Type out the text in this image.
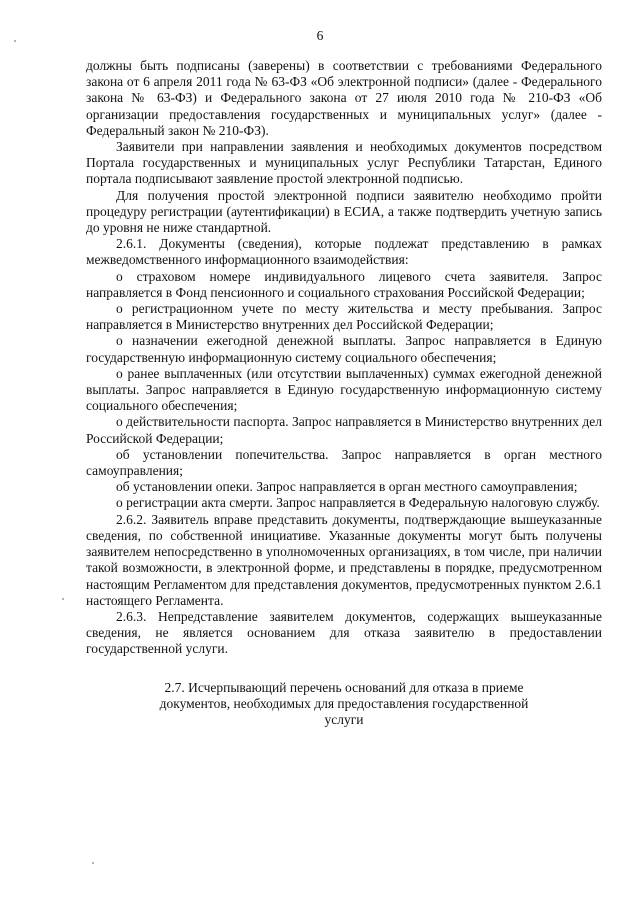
6

должны быть подписаны (заверены) в соответствии с требованиями Федерального закона от 6 апреля 2011 года № 63-ФЗ «Об электронной подписи» (далее - Федерального закона № 63-ФЗ) и Федерального закона от 27 июля 2010 года № 210-ФЗ «Об организации предоставления государственных и муниципальных услуг» (далее - Федеральный закон № 210-ФЗ).

Заявители при направлении заявления и необходимых документов посредством Портала государственных и муниципальных услуг Республики Татарстан, Единого портала подписывают заявление простой электронной подписью.

Для получения простой электронной подписи заявителю необходимо пройти процедуру регистрации (аутентификации) в ЕСИА, а также подтвердить учетную запись до уровня не ниже стандартной.

2.6.1. Документы (сведения), которые подлежат представлению в рамках межведомственного информационного взаимодействия:

о страховом номере индивидуального лицевого счета заявителя. Запрос направляется в Фонд пенсионного и социального страхования Российской Федерации;

о регистрационном учете по месту жительства и месту пребывания. Запрос направляется в Министерство внутренних дел Российской Федерации;

о назначении ежегодной денежной выплаты. Запрос направляется в Единую государственную информационную систему социального обеспечения;

о ранее выплаченных (или отсутствии выплаченных) суммах ежегодной денежной выплаты. Запрос направляется в Единую государственную информационную систему социального обеспечения;

о действительности паспорта. Запрос направляется в Министерство внутренних дел Российской Федерации;

об установлении попечительства. Запрос направляется в орган местного самоуправления;

об установлении опеки. Запрос направляется в орган местного самоуправления;

о регистрации акта смерти. Запрос направляется в Федеральную налоговую службу.

2.6.2. Заявитель вправе представить документы, подтверждающие вышеуказанные сведения, по собственной инициативе. Указанные документы могут быть получены заявителем непосредственно в уполномоченных организациях, в том числе, при наличии такой возможности, в электронной форме, и представлены в порядке, предусмотренном настоящим Регламентом для представления документов, предусмотренных пунктом 2.6.1 настоящего Регламента.

2.6.3. Непредставление заявителем документов, содержащих вышеуказанные сведения, не является основанием для отказа заявителю в предоставлении государственной услуги.

2.7. Исчерпывающий перечень оснований для отказа в приеме
документов, необходимых для предоставления государственной
услуги
